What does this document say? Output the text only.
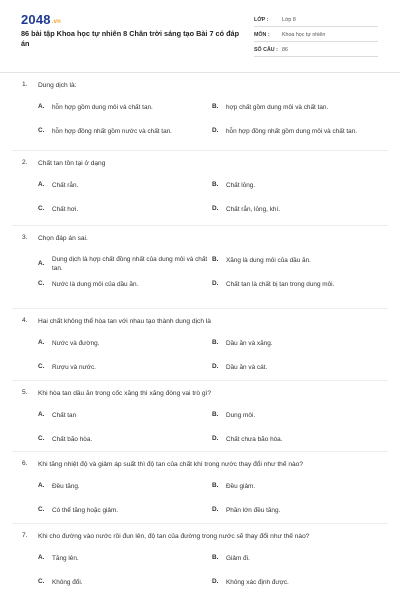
2048.vn
86 bài tập Khoa học tự nhiên 8 Chân trời sáng tạo Bài 7 có đáp án
LỚP :	Lớp 8
MÔN : Khoa học tự nhiên
SỐ CÂU : 86
1. Dung dịch là:
A. hỗn hợp gồm dung môi và chất tan.	B. hợp chất gồm dung môi và chất tan.
C. hỗn hợp đồng nhất gồm nước và chất tan.	D. hỗn hợp đồng nhất gồm dung môi và chất tan.
2. Chất tan tồn tại ở dạng
A. Chất rắn.	B. Chất lỏng.
C. Chất hơi.	D. Chất rắn, lỏng, khí.
3. Chọn đáp án sai.
A.
Dung dịch là hợp chất đồng nhất của dung môi và chất tan.
B. Xăng là dung môi của dầu ăn.
C. Nước là dung môi của dầu ăn.	D. Chất tan là chất bị tan trong dung môi.
4. Hai chất không thể hòa tan với nhau tạo thành dung dịch là
A. Nước và đường.	B. Dầu ăn và xăng.
C. Rượu và nước.	D. Dầu ăn và cát.
5. Khi hòa tan dầu ăn trong cốc xăng thì xăng đóng vai trò gì?
A. Chất tan	B. Dung môi.
C. Chất bão hòa.	D. Chất chưa bão hòa.
6. Khi tăng nhiệt độ và giảm áp suất thì độ tan của chất khí trong nước thay đổi như thế nào?
A. Đều tăng.	B. Đều giảm.
C. Có thể tăng hoặc giảm.	D. Phần lớn đều tăng.
7. Khi cho đường vào nước rồi đun lên, độ tan của đường trong nước sẽ thay đổi như thế nào?
A. Tăng lên.	B. Giảm đi.
C. Không đổi.	D. Không xác định được.
